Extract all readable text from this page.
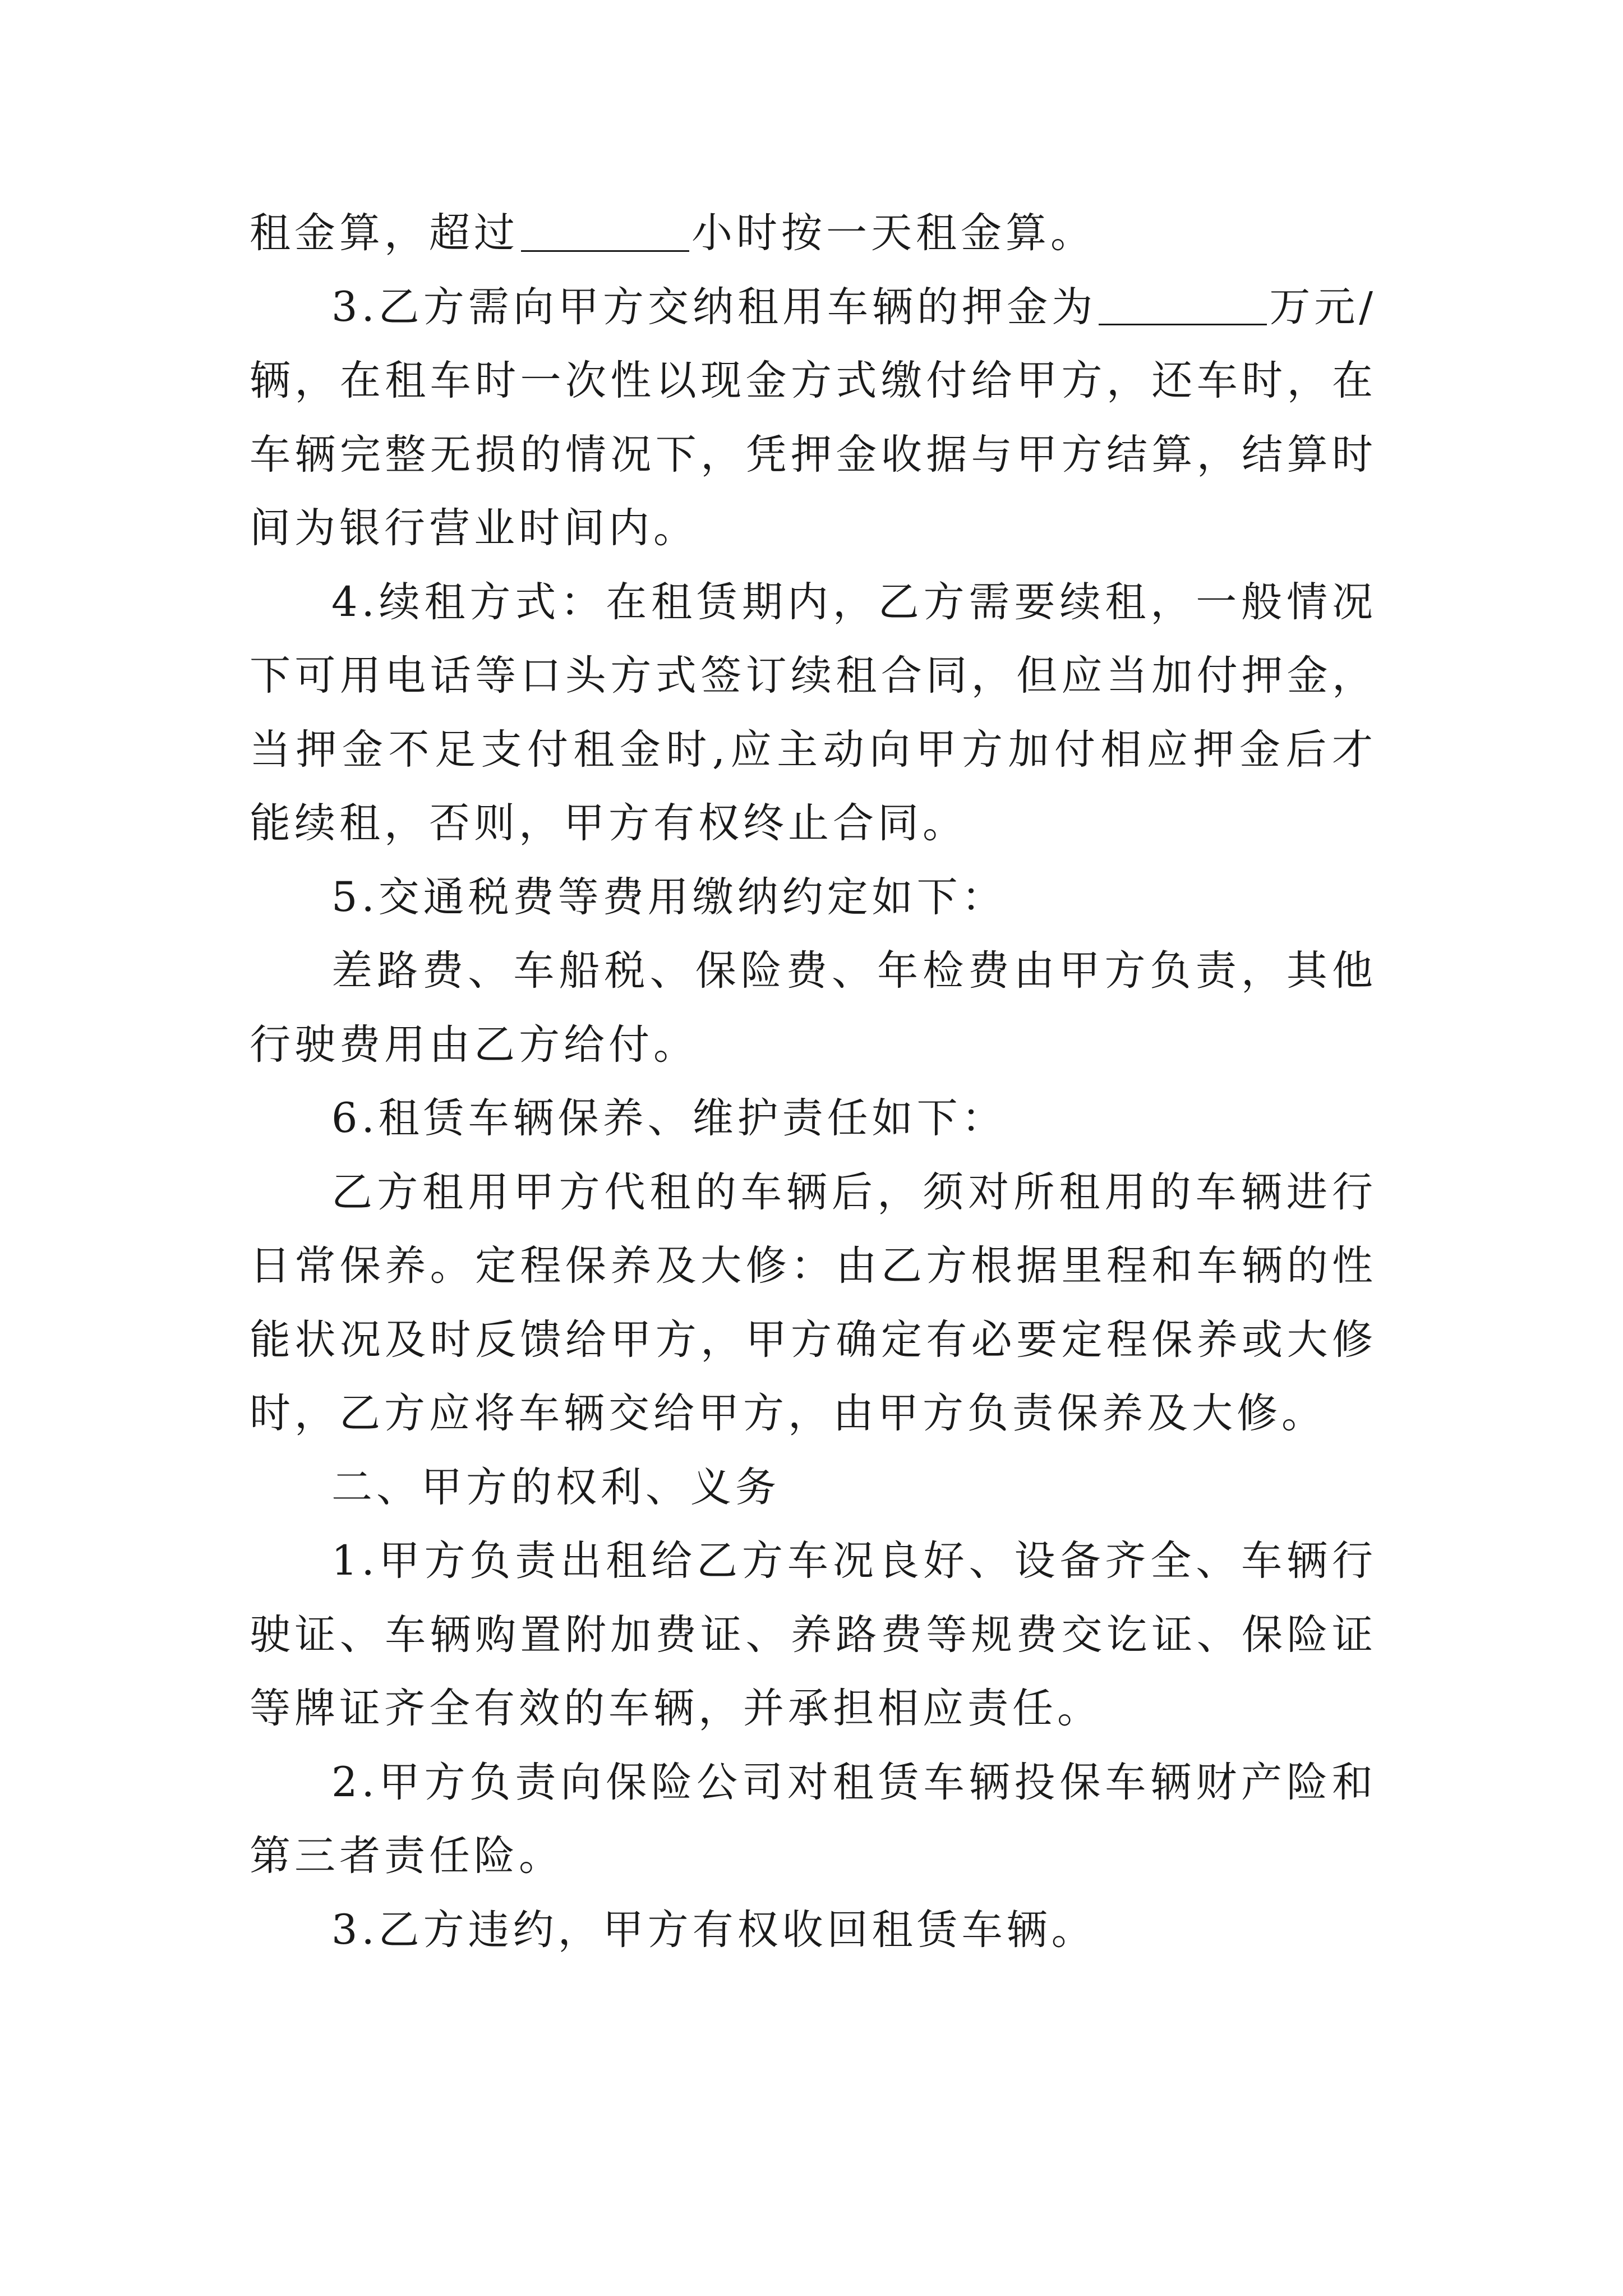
租金算，超过	小时按一天租金算。

3.乙方需向甲方交纳租用车辆的押金为	万元/辆，在租车时一次性以现金方式缴付给甲方，还车时，在车辆完整无损的情况下，凭押金收据与甲方结算，结算时间为银行营业时间内。

4.续租方式：在租赁期内，乙方需要续租，一般情况下可用电话等口头方式签订续租合同，但应当加付押金，当押金不足支付租金时,应主动向甲方加付相应押金后才能续租，否则，甲方有权终止合同。

5.交通税费等费用缴纳约定如下：

差路费、车船税、保险费、年检费由甲方负责，其他行驶费用由乙方给付。

6.租赁车辆保养、维护责任如下：

乙方租用甲方代租的车辆后，须对所租用的车辆进行日常保养。定程保养及大修：由乙方根据里程和车辆的性能状况及时反馈给甲方，甲方确定有必要定程保养或大修时，乙方应将车辆交给甲方，由甲方负责保养及大修。

二、甲方的权利、义务

1.甲方负责出租给乙方车况良好、设备齐全、车辆行驶证、车辆购置附加费证、养路费等规费交讫证、保险证等牌证齐全有效的车辆，并承担相应责任。

2.甲方负责向保险公司对租赁车辆投保车辆财产险和第三者责任险。

3.乙方违约，甲方有权收回租赁车辆。
